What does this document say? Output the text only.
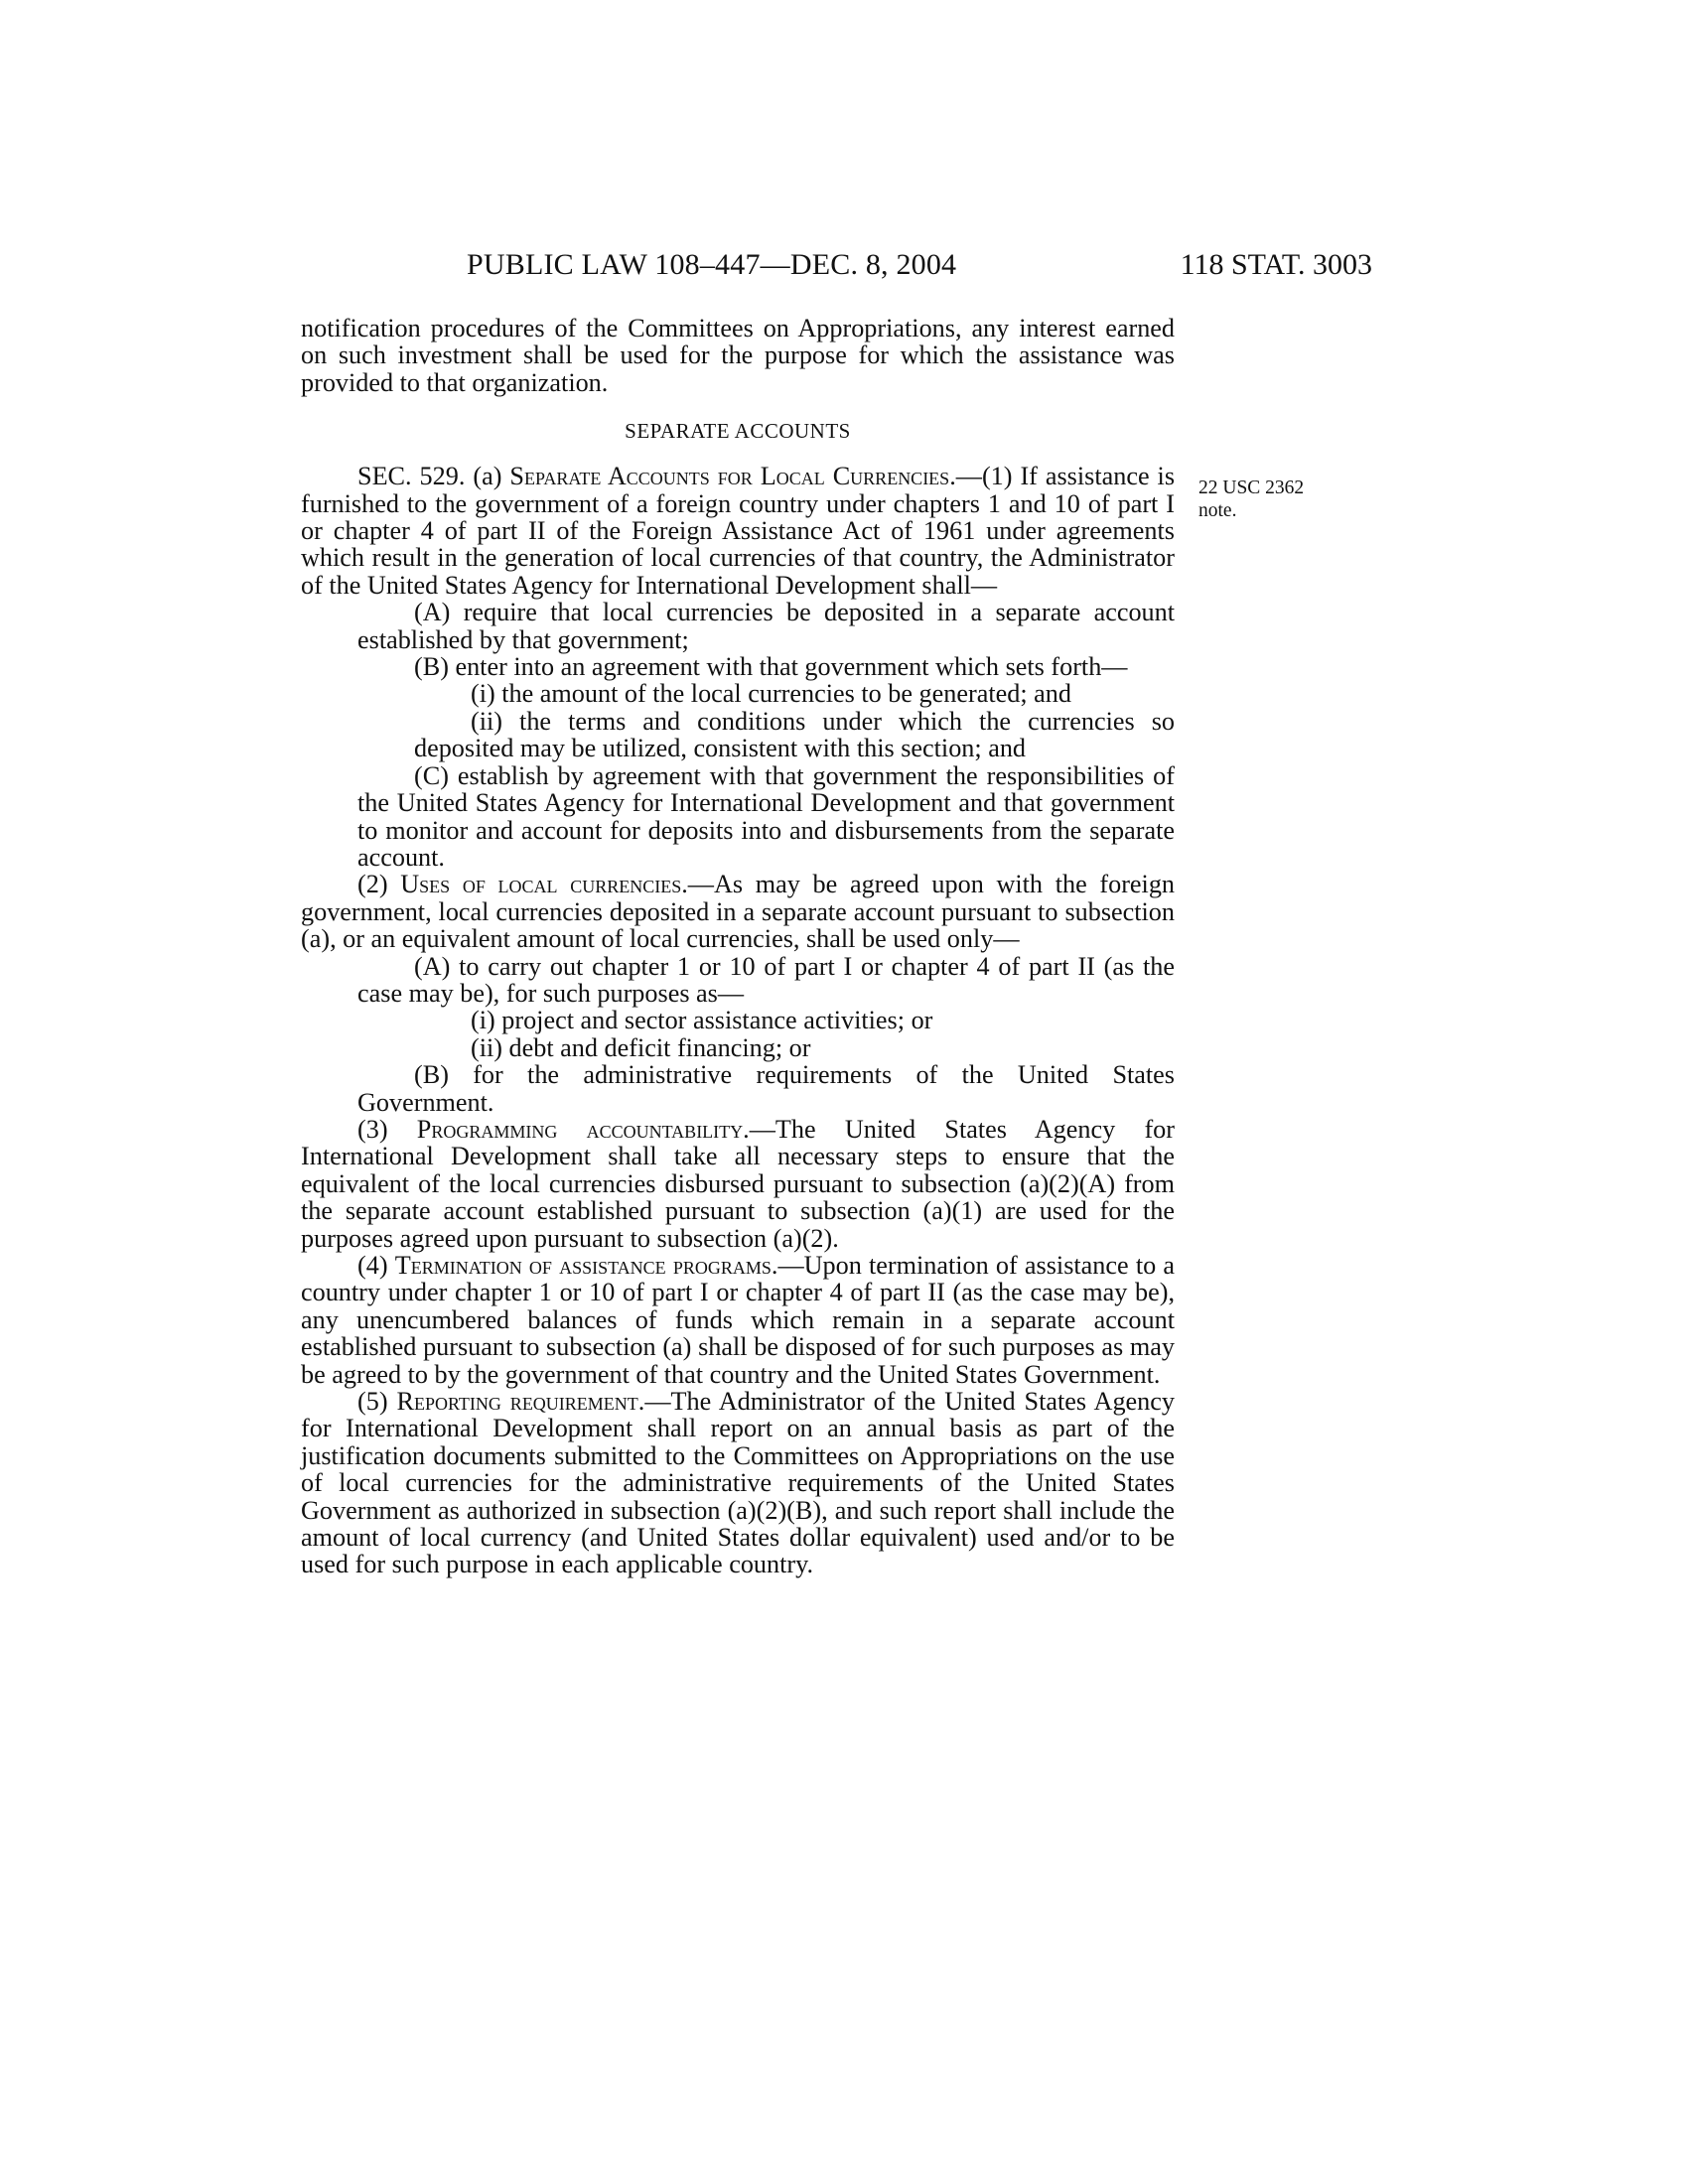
PUBLIC LAW 108–447—DEC. 8, 2004	118 STAT. 3003
22 USC 2362
note.

notification procedures of the Committees on Appropriations, any interest earned on such investment shall be used for the purpose for which the assistance was provided to that organization.

SEPARATE ACCOUNTS

SEC. 529. (a) Separate Accounts for Local Currencies.—(1) If assistance is furnished to the government of a foreign country under chapters 1 and 10 of part I or chapter 4 of part II of the Foreign Assistance Act of 1961 under agreements which result in the generation of local currencies of that country, the Administrator of the United States Agency for International Development shall—

(A) require that local currencies be deposited in a separate account established by that government;

(B) enter into an agreement with that government which sets forth—

(i) the amount of the local currencies to be generated; and

(ii) the terms and conditions under which the currencies so deposited may be utilized, consistent with this section; and

(C) establish by agreement with that government the responsibilities of the United States Agency for International Development and that government to monitor and account for deposits into and disbursements from the separate account.

(2) Uses of local currencies.—As may be agreed upon with the foreign government, local currencies deposited in a separate account pursuant to subsection (a), or an equivalent amount of local currencies, shall be used only—

(A) to carry out chapter 1 or 10 of part I or chapter 4 of part II (as the case may be), for such purposes as—

(i) project and sector assistance activities; or

(ii) debt and deficit financing; or

(B) for the administrative requirements of the United States Government.

(3) Programming accountability.—The United States Agency for International Development shall take all necessary steps to ensure that the equivalent of the local currencies disbursed pursuant to subsection (a)(2)(A) from the separate account established pursuant to subsection (a)(1) are used for the purposes agreed upon pursuant to subsection (a)(2).

(4) Termination of assistance programs.—Upon termination of assistance to a country under chapter 1 or 10 of part I or chapter 4 of part II (as the case may be), any unencumbered balances of funds which remain in a separate account established pursuant to subsection (a) shall be disposed of for such purposes as may be agreed to by the government of that country and the United States Government.

(5) Reporting requirement.—The Administrator of the United States Agency for International Development shall report on an annual basis as part of the justification documents submitted to the Committees on Appropriations on the use of local currencies for the administrative requirements of the United States Government as authorized in subsection (a)(2)(B), and such report shall include the amount of local currency (and United States dollar equivalent) used and/or to be used for such purpose in each applicable country.
